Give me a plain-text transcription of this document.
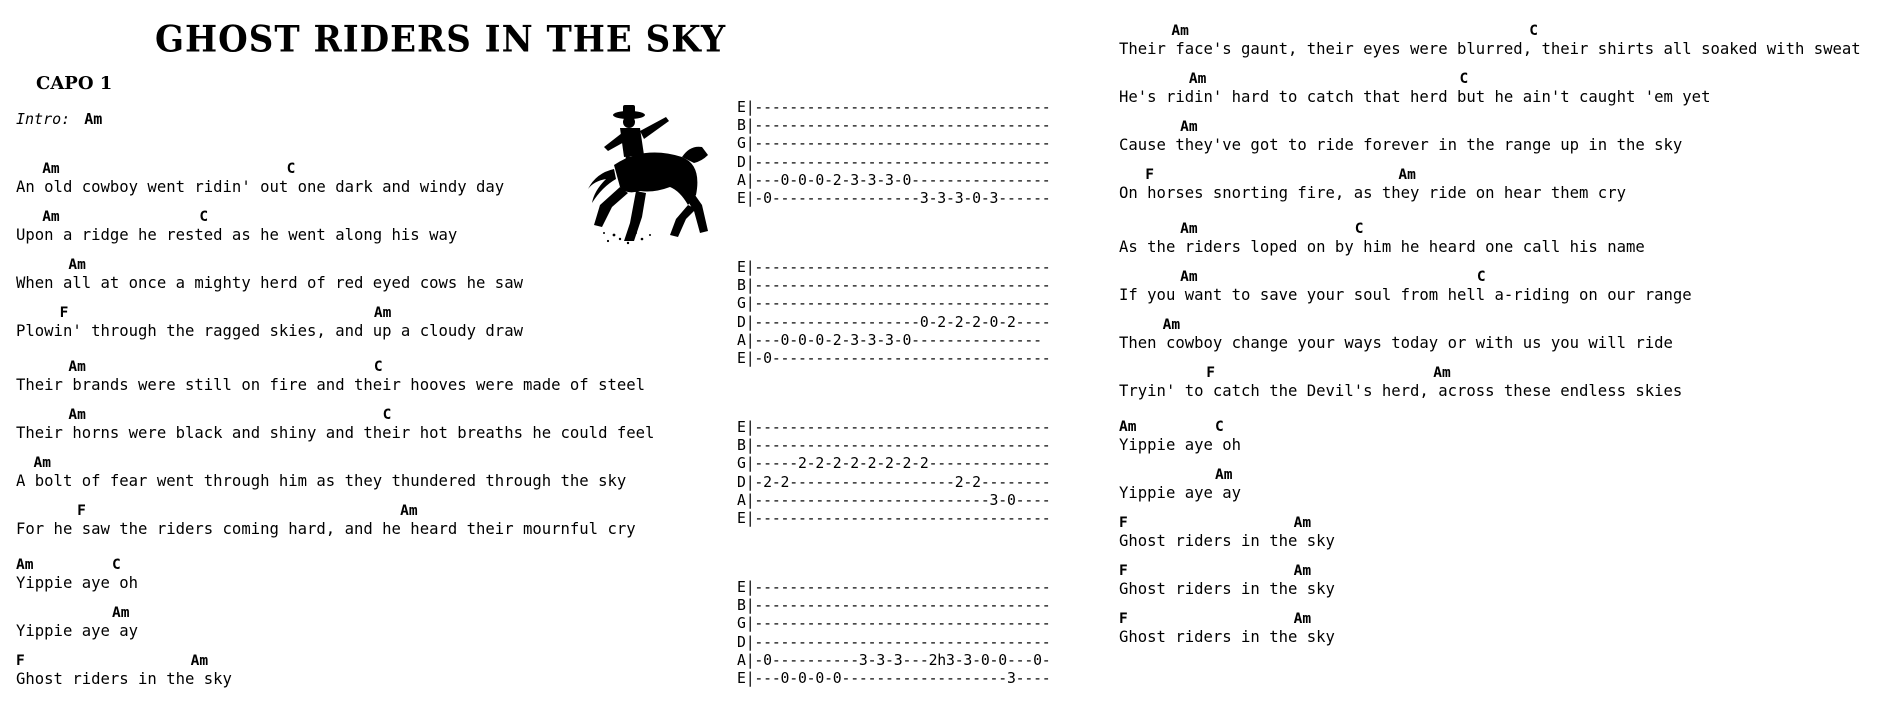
GHOST RIDERS IN THE SKY
CAPO 1
Intro: Am
Am                          C
An old cowboy went ridin' out one dark and windy day
Am                C
Upon a ridge he rested as he went along his way
Am
When all at once a mighty herd of red eyed cows he saw
F                                   Am
Plowin' through the ragged skies, and up a cloudy draw
Am                                 C
Their brands were still on fire and their hooves were made of steel
Am                                  C
Their horns were black and shiny and their hot breaths he could feel
Am
A bolt of fear went through him as they thundered through the sky
F                                    Am
For he saw the riders coming hard, and he heard their mournful cry
Am         C
Yippie aye oh
Am
Yippie aye ay
F                   Am
Ghost riders in the sky
Am                                       C
Their face's gaunt, their eyes were blurred, their shirts all soaked with sweat
Am                             C
He's ridin' hard to catch that herd but he ain't caught 'em yet
Am
Cause they've got to ride forever in the range up in the sky
F                            Am
On horses snorting fire, as they ride on hear them cry
Am                  C
As the riders loped on by him he heard one call his name
Am                                C
If you want to save your soul from hell a-riding on our range
Am
Then cowboy change your ways today or with us you will ride
F                         Am
Tryin' to catch the Devil's herd, across these endless skies
Am         C
Yippie aye oh
Am
Yippie aye ay
F                   Am
Ghost riders in the sky
F                   Am
Ghost riders in the sky
F                   Am
Ghost riders in the sky
E|----------------------------------
B|----------------------------------
G|----------------------------------
D|----------------------------------
A|---0-0-0-2-3-3-3-0----------------
E|-0-----------------3-3-3-0-3------
E|----------------------------------
B|----------------------------------
G|----------------------------------
D|-------------------0-2-2-2-0-2----
A|---0-0-0-2-3-3-3-0---------------
E|-0--------------------------------
E|----------------------------------
B|----------------------------------
G|-----2-2-2-2-2-2-2-2--------------
D|-2-2-------------------2-2--------
A|---------------------------3-0----
E|----------------------------------
E|----------------------------------
B|----------------------------------
G|----------------------------------
D|----------------------------------
A|-0----------3-3-3---2h3-3-0-0---0-
E|---0-0-0-0-------------------3----
